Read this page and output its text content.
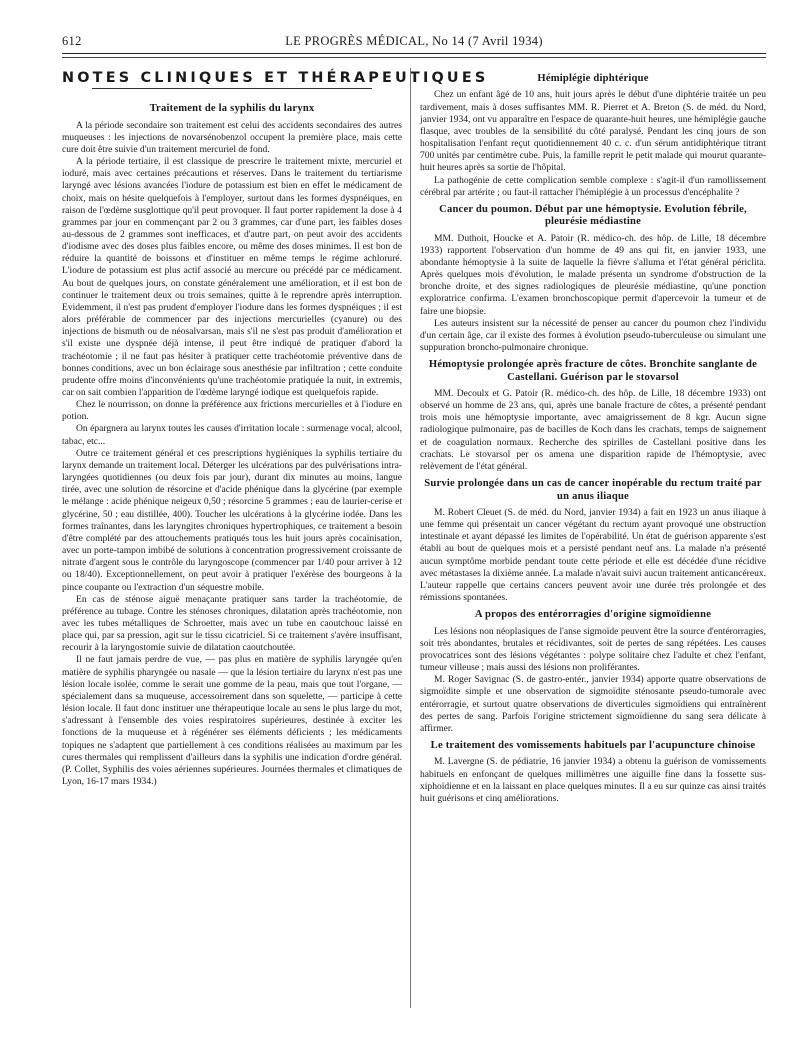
612	LE PROGRÈS MÉDICAL, No 14 (7 Avril 1934)
NOTES CLINIQUES ET THÉRAPEUTIQUES
Traitement de la syphilis du larynx

A la période secondaire son traitement est celui des accidents secondaires des autres muqueuses : les injections de novarsénobenzol occupent la première place, mais cette cure doit être suivie d'un traitement mercuriel de fond.

A la période tertiaire, il est classique de prescrire le traitement mixte, mercuriel et ioduré, mais avec certaines précautions et réserves. Dans le traitement du tertiarisme laryngé avec lésions avancées l'iodure de potassium est bien en effet le médicament de choix, mais on hésite quelquefois à l'employer, surtout dans les formes dyspnéiques, en raison de l'œdème susglottique qu'il peut provoquer. Il faut porter rapidement la dose à 4 grammes par jour en commençant par 2 ou 3 grammes, car d'une part, les faibles doses au-dessous de 2 grammes sont inefficaces, et d'autre part, on peut avoir des accidents d'iodisme avec des doses plus faibles encore, ou même des doses minimes. Il est bon de réduire la quantité de boissons et d'instituer en même temps le régime achloruré. L'iodure de potassium est plus actif associé au mercure ou précédé par ce médicament. Au bout de quelques jours, on constate généralement une amélioration, et il est bon de continuer le traitement deux ou trois semaines, quitte à le reprendre après interruption. Evidemment, il n'est pas prudent d'employer l'iodure dans les formes dyspnéiques ; il est alors préférable de commencer par des injections mercurielles (cyanure) ou des injections de bismuth ou de néosalvarsan, mais s'il ne s'est pas produit d'amélioration et s'il existe une dyspnée déjà intense, il peut être indiqué de pratiquer d'abord la trachéotomie ; il ne faut pas hésiter à pratiquer cette trachéotomie préventive dans de bonnes conditions, avec un bon éclairage sous anesthésie par infiltration ; cette conduite prudente offre moins d'inconvénients qu'une trachéotomie pratiquée la nuit, in extremis, car on sait combien l'apparition de l'œdème laryngé iodique est quelquefois rapide.

Chez le nourrisson, on donne la préférence aux frictions mercurielles et à l'iodure en potion.

On épargnera au larynx toutes les causes d'irritation locale : surmenage vocal, alcool, tabac, etc...

Outre ce traitement général et ces prescriptions hygiéniques la syphilis tertiaire du larynx demande un traitement local. Déterger les ulcérations par des pulvérisations intra-laryngées quotidiennes (ou deux fois par jour), durant dix minutes au moins, langue tirée, avec une solution de résorcine et d'acide phénique dans la glycérine (par exemple le mélange : acide phénique neigeux 0,50 ; résorcine 5 grammes ; eau de laurier-cerise et glycérine, 50 ; eau distillée, 400). Toucher les ulcérations à la glycérine iodée. Dans les formes traînantes, dans les laryngites chroniques hypertrophiques, ce traitement a besoin d'être complété par des attouchements pratiqués tous les huit jours après cocaïnisation, avec un porte-tampon imbibé de solutions à concentration progressivement croissante de nitrate d'argent sous le contrôle du laryngoscope (commencer par 1/40 pour arriver à 12 ou 18/40). Exceptionnellement, on peut avoir à pratiquer l'exérèse des bourgeons à la pince coupante ou l'extraction d'un séquestre mobile.

En cas de sténose aiguë menaçante pratiquer sans tarder la trachéotomie, de préférence au tubage. Contre les sténoses chroniques, dilatation après trachéotomie, non avec les tubes métalliques de Schroetter, mais avec un tube en caoutchouc laissé en place qui, par sa pression, agit sur le tissu cicatriciel. Si ce traitement s'avère insuffisant, recourir à la laryngostomie suivie de dilatation caoutchoutée.

Il ne faut jamais perdre de vue, — pas plus en matière de syphilis laryngée qu'en matière de syphilis pharyngée ou nasale — que la lésion tertiaire du larynx n'est pas une lésion locale isolée, comme le serait une gomme de la peau, mais que tout l'organe, — spécialement dans sa muqueuse, accessoirement dans son squelette, — participe à cette lésion locale. Il faut donc instituer une thérapeutique locale au sens le plus large du mot, s'adressant à l'ensemble des voies respiratoires supérieures, destinée à exciter les fonctions de la muqueuse et à régénérer ses éléments déficients ; les médicaments topiques ne s'adaptent que partiellement à ces conditions réalisées au maximum par les cures thermales qui remplissent d'ailleurs dans la syphilis une indication d'ordre général. (P. Collet, Syphilis des voies aériennes supérieures. Journées thermales et climatiques de Lyon, 16-17 mars 1934.)

Hémiplégie diphtérique

Chez un enfant âgé de 10 ans, huit jours après le début d'une diphtérie traitée un peu tardivement, mais à doses suffisantes MM. R. Pierret et A. Breton (S. de méd. du Nord, janvier 1934, ont vu apparaître en l'espace de quarante-huit heures, une hémiplégie gauche flasque, avec troubles de la sensibilité du côté paralysé. Pendant les cinq jours de son hospitalisation l'enfant reçut quotidiennement 40 c. c. d'un sérum antidiphtérique titrant 700 unités par centimètre cube. Puis, la famille reprit le petit malade qui mourut quarante-huit heures après sa sortie de l'hôpital.

La pathogénie de cette complication semble complexe : s'agit-il d'un ramollissement cérébral par artérite ; ou faut-il rattacher l'hémiplégie à un processus d'encéphalite ?

Cancer du poumon. Début par une hémoptysie. Evolution fébrile, pleurésie médiastine

MM. Duthoit, Houcke et A. Patoir (R. médico-ch. des hôp. de Lille, 18 décembre 1933) rapportent l'observation d'un homme de 49 ans qui fit, en janvier 1933, une abondante hémoptysie à la suite de laquelle la fièvre s'alluma et l'état général périclita. Après quelques mois d'évolution, le malade présenta un syndrome d'obstruction de la bronche droite, et des signes radiologiques de pleurésie médiastine, qu'une ponction exploratrice confirma. L'examen bronchoscopique permit d'apercevoir la tumeur et de faire une biopsie.

Les auteurs insistent sur la nécessité de penser au cancer du poumon chez l'individu d'un certain âge, car il existe des formes à évolution pseudo-tuberculeuse ou simulant une suppuration broncho-pulmonaire chronique.

Hémoptysie prolongée après fracture de côtes. Bronchite sanglante de Castellani. Guérison par le stovarsol

MM. Decoulx et G. Patoir (R. médico-ch. des hôp. de Lille, 18 décembre 1933) ont observé un homme de 23 ans, qui, après une banale fracture de côtes, a présenté pendant trois mois une hémoptysie importante, avec amaigrissement de 8 kgr. Aucun signe radiologique pulmonaire, pas de bacilles de Koch dans les crachats, temps de saignement et de coagulation normaux. Recherche des spirilles de Castellani positive dans les crachats. Le stovarsol per os amena une disparition rapide de l'hémoptysie, avec relèvement de l'état général.

Survie prolongée dans un cas de cancer inopérable du rectum traité par un anus iliaque

M. Robert Cleuet (S. de méd. du Nord, janvier 1934) a fait en 1923 un anus iliaque à une femme qui présentait un cancer végétant du rectum ayant provoqué une obstruction intestinale et ayant dépassé les limites de l'opérabilité. Un état de guérison apparente s'est établi au bout de quelques mois et a persisté pendant neuf ans. La malade n'a présenté aucun symptôme morbide pendant toute cette période et elle est décédée d'une récidive avec métastases la dixième année. La malade n'avait suivi aucun traitement anticancéreux. L'auteur rappelle que certains cancers peuvent avoir une durée très prolongée et des rémissions spontanées.

A propos des entérorragies d'origine sigmoïdienne

Les lésions non néoplasiques de l'anse sigmoïde peuvent être la source d'entérorragies, soit très abondantes, brutales et récidivantes, soit de pertes de sang répétées. Les causes provocatrices sont des lésions végétantes : polype solitaire chez l'adulte et chez l'enfant, tumeur villeuse ; mais aussi des lésions non proliférantes.

M. Roger Savignac (S. de gastro-entér., janvier 1934) apporte quatre observations de sigmoïdite simple et une observation de sigmoïdite sténosante pseudo-tumorale avec entérorragie, et surtout quatre observations de diverticules sigmoïdiens qui entraînèrent des pertes de sang. Parfois l'origine strictement sigmoïdienne du sang sera délicate à affirmer.

Le traitement des vomissements habituels par l'acupuncture chinoise

M. Lavergne (S. de pédiatrie, 16 janvier 1934) a obtenu la guérison de vomissements habituels en enfonçant de quelques millimètres une aiguille fine dans la fossette sus-xiphoïdienne et en la laissant en place quelques minutes. Il a eu sur quinze cas ainsi traités huit guérisons et cinq améliorations.
